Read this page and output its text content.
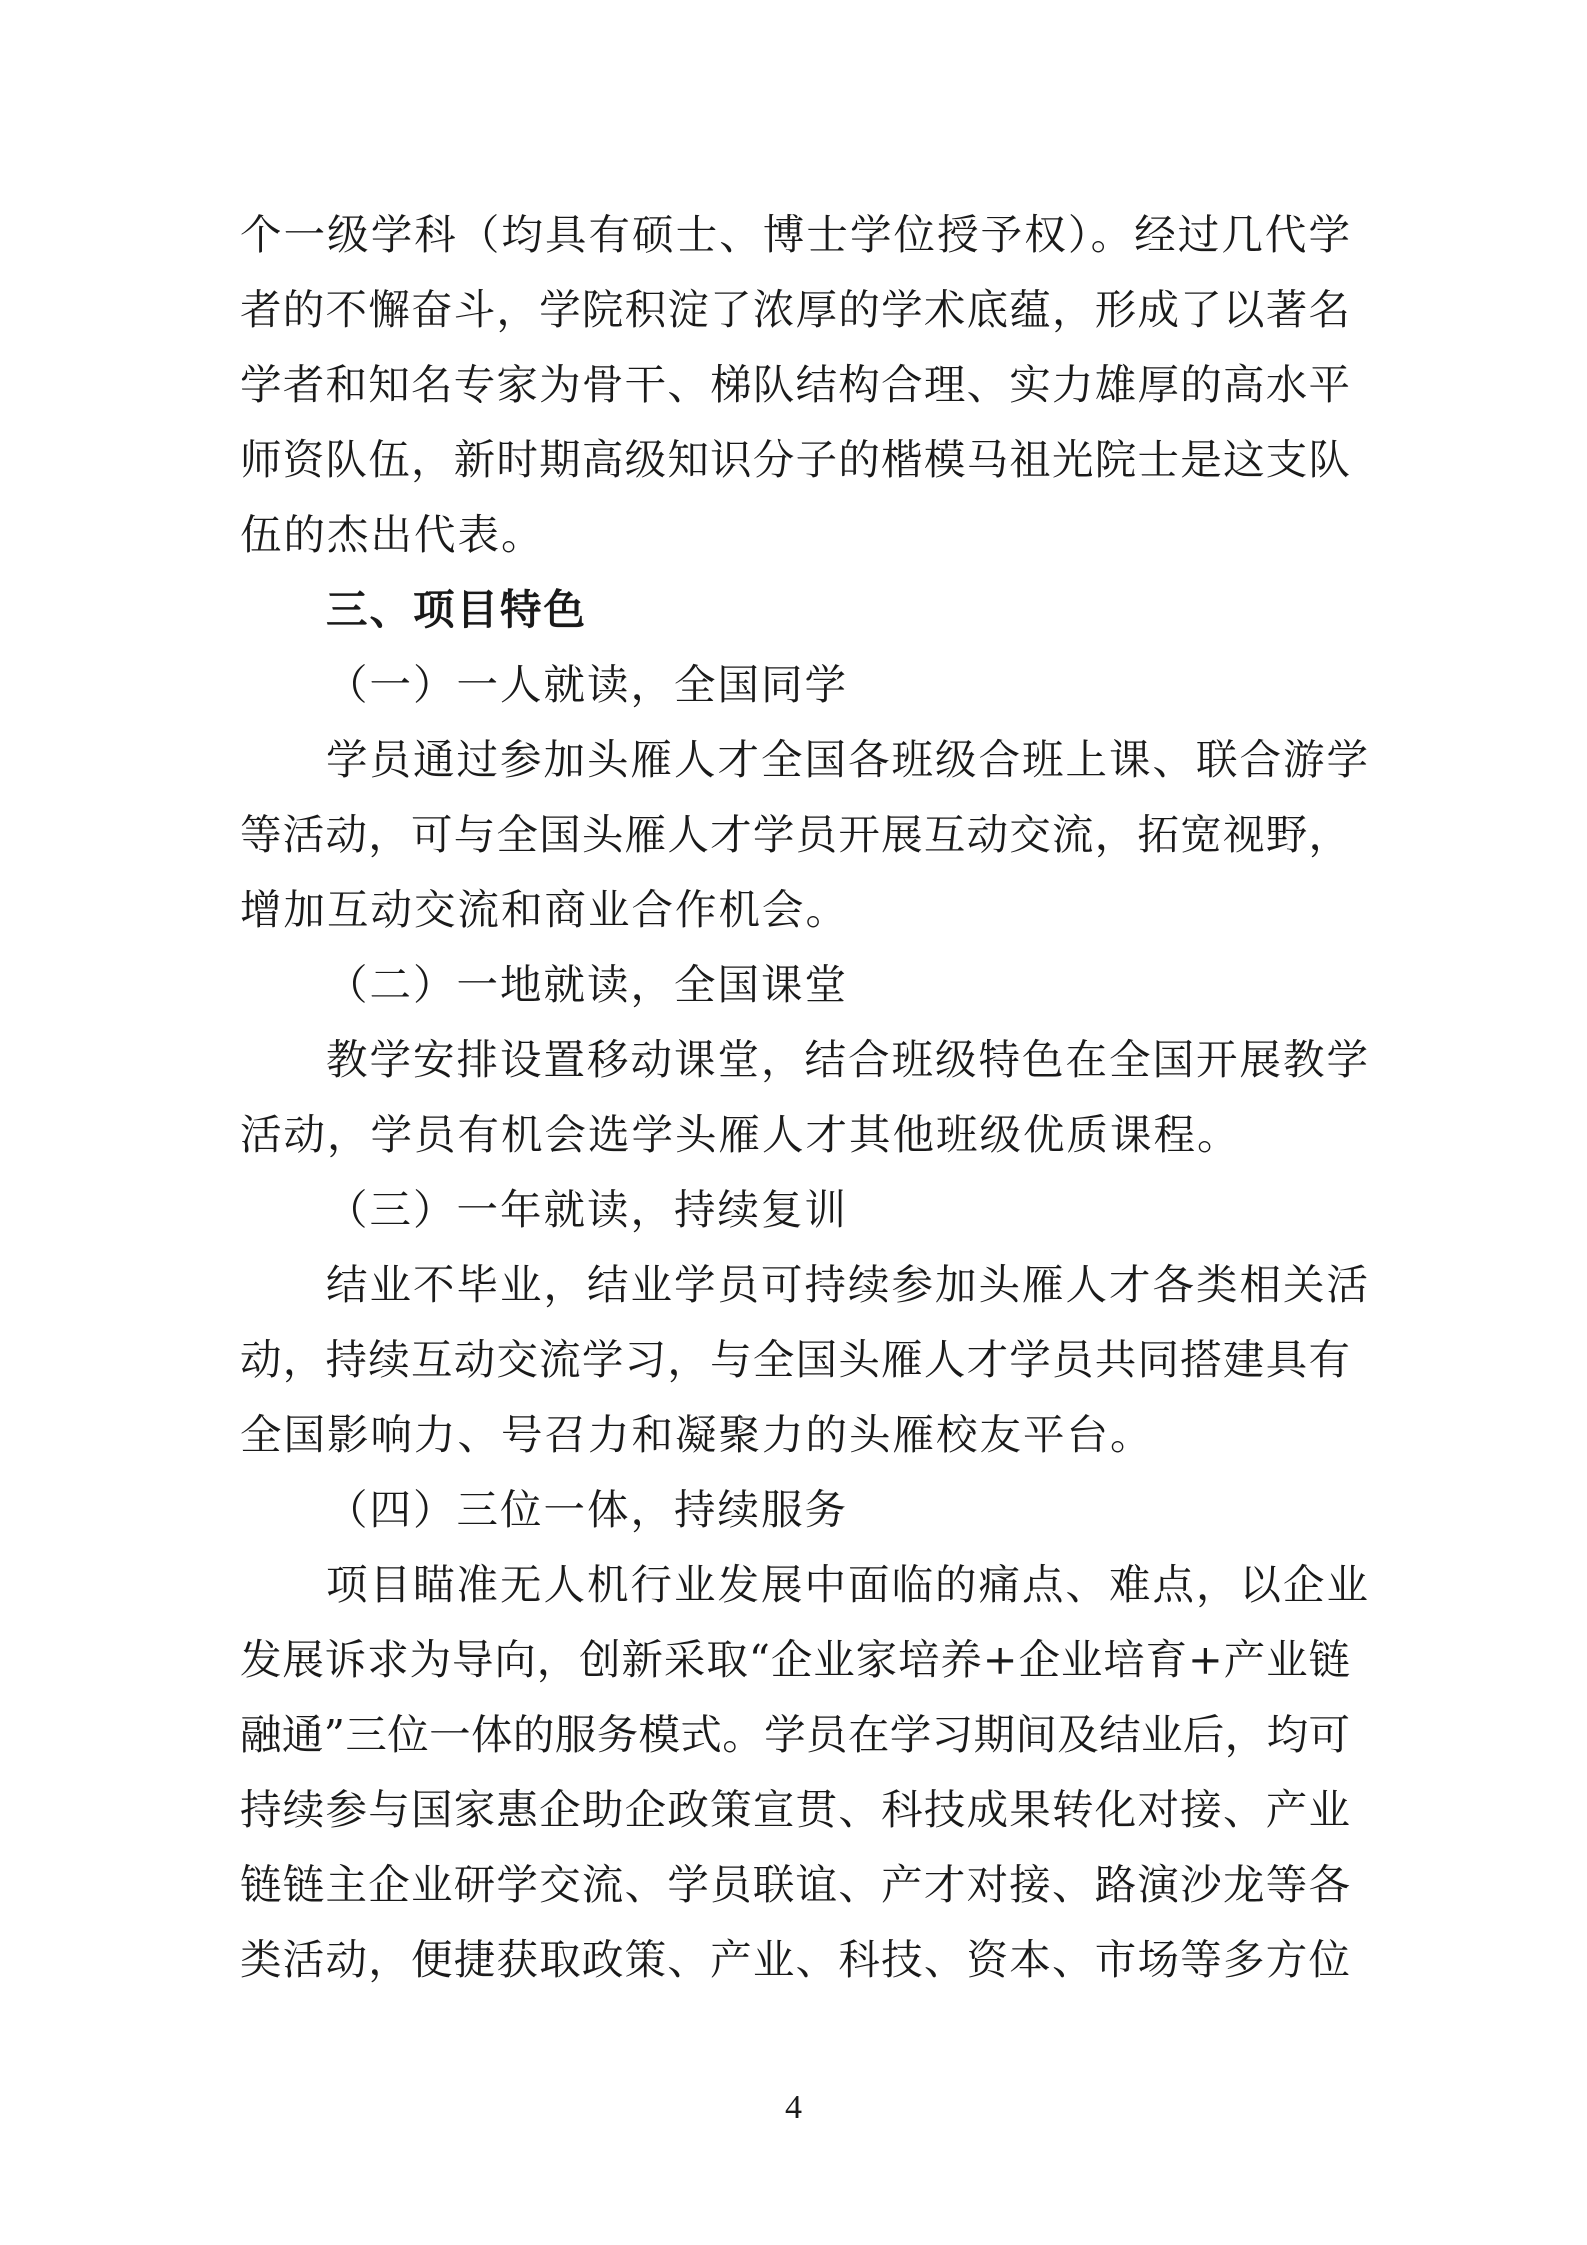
个一级学科（均具有硕士、博士学位授予权）。经过几代学
者的不懈奋斗，学院积淀了浓厚的学术底蕴，形成了以著名
学者和知名专家为骨干、梯队结构合理、实力雄厚的高水平
师资队伍，新时期高级知识分子的楷模马祖光院士是这支队
伍的杰出代表。
三、项目特色
（一）一人就读，全国同学
学员通过参加头雁人才全国各班级合班上课、联合游学
等活动，可与全国头雁人才学员开展互动交流，拓宽视野，
增加互动交流和商业合作机会。
（二）一地就读，全国课堂
教学安排设置移动课堂，结合班级特色在全国开展教学
活动，学员有机会选学头雁人才其他班级优质课程。
（三）一年就读，持续复训
结业不毕业，结业学员可持续参加头雁人才各类相关活
动，持续互动交流学习，与全国头雁人才学员共同搭建具有
全国影响力、号召力和凝聚力的头雁校友平台。
（四）三位一体，持续服务
项目瞄准无人机行业发展中面临的痛点、难点，以企业
发展诉求为导向，创新采取“企业家培养+企业培育+产业链
融通”三位一体的服务模式。学员在学习期间及结业后，均可
持续参与国家惠企助企政策宣贯、科技成果转化对接、产业
链链主企业研学交流、学员联谊、产才对接、路演沙龙等各
类活动，便捷获取政策、产业、科技、资本、市场等多方位
4
